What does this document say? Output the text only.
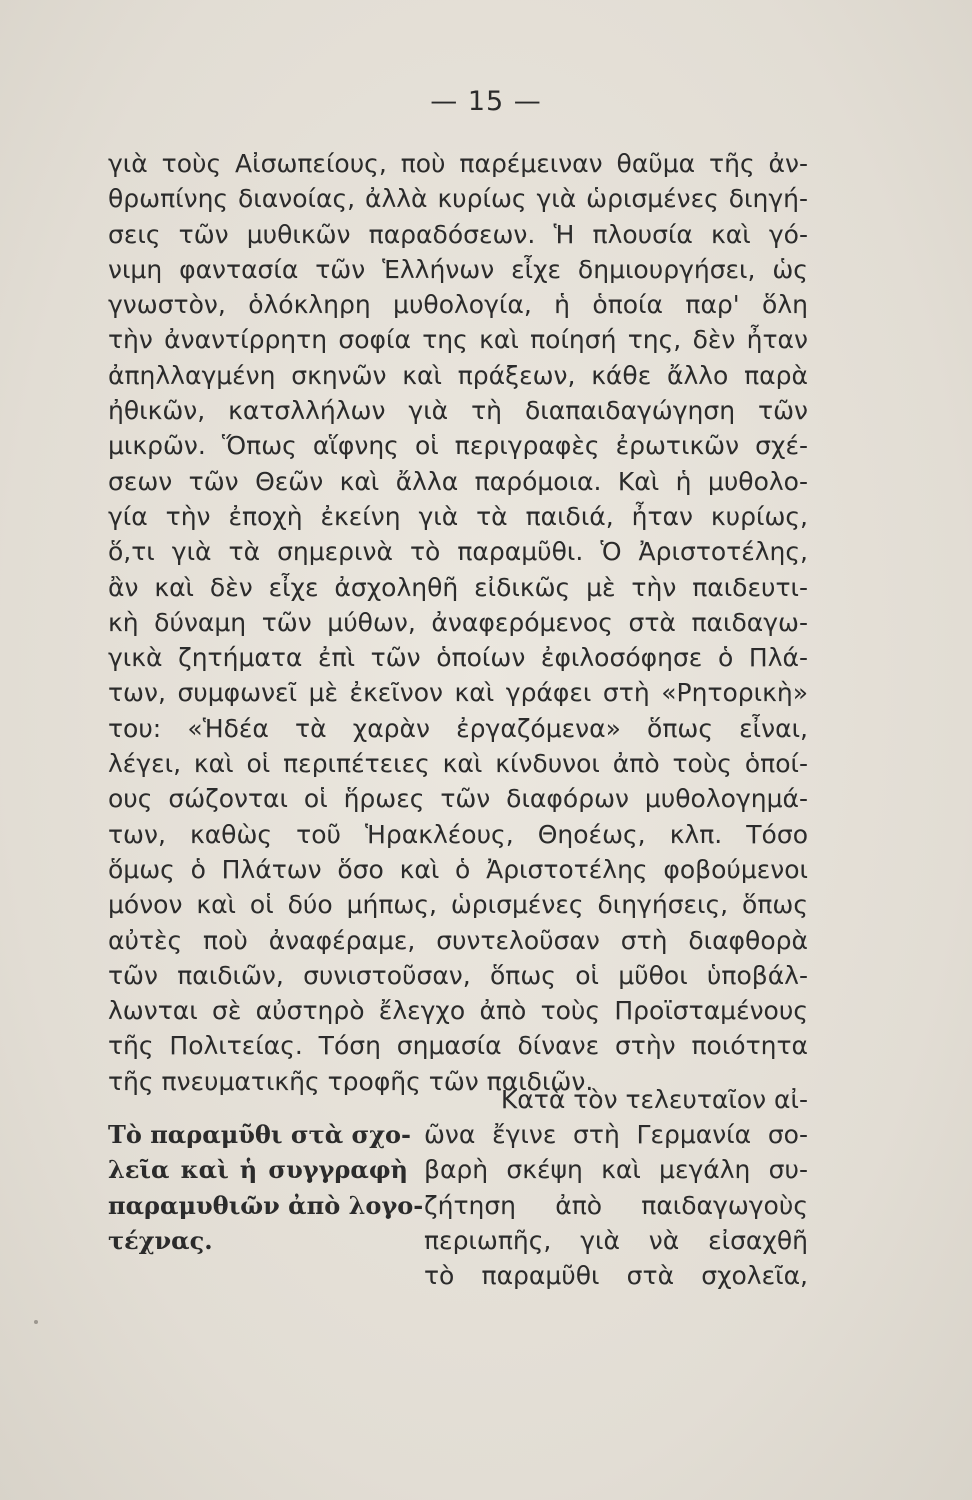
— 15 —
γιὰ τοὺς Αἰσωπείους, ποὺ παρέμειναν θαῦμα τῆς ἀν-
θρωπίνης διανοίας, ἀλλὰ κυρίως γιὰ ὡρισμένες διηγή-
σεις τῶν μυθικῶν παραδόσεων. Ἡ πλουσία καὶ γό-
νιμη φαντασία τῶν Ἑλλήνων εἶχε δημιουργήσει, ὡς
γνωστὸν, ὁλόκληρη μυθολογία, ἡ ὁποία παρ' ὅλη
τὴν ἀναντίρρητη σοφία της καὶ ποίησή της, δὲν ἦταν
ἀπηλλαγμένη σκηνῶν καὶ πράξεων, κάθε ἄλλο παρὰ
ἠθικῶν, κατσλλήλων γιὰ τὴ διαπαιδαγώγηση τῶν
μικρῶν. Ὅπως αἵφνης οἱ περιγραφὲς ἐρωτικῶν σχέ-
σεων τῶν Θεῶν καὶ ἄλλα παρόμοια. Καὶ ἡ μυθολο-
γία τὴν ἐποχὴ ἐκείνη γιὰ τὰ παιδιά, ἦταν κυρίως,
ὅ,τι γιὰ τὰ σημερινὰ τὸ παραμῦθι. Ὁ Ἀριστοτέλης,
ἂν καὶ δὲν εἶχε ἀσχοληθῆ εἰδικῶς μὲ τὴν παιδευτι-
κὴ δύναμη τῶν μύθων, ἀναφερόμενος στὰ παιδαγω-
γικὰ ζητήματα ἐπὶ τῶν ὁποίων ἐφιλοσόφησε ὁ Πλά-
των, συμφωνεῖ μὲ ἐκεῖνον καὶ γράφει στὴ «Ρητορικὴ»
του: «Ἡδέα τὰ χαρὰν ἐργαζόμενα» ὅπως εἶναι,
λέγει, καὶ οἱ περιπέτειες καὶ κίνδυνοι ἀπὸ τοὺς ὁποί-
ους σώζονται οἱ ἥρωες τῶν διαφόρων μυθολογημά-
των, καθὼς τοῦ Ἡρακλέους, Θηοέως, κλπ. Τόσο
ὅμως ὁ Πλάτων ὅσο καὶ ὁ Ἀριστοτέλης φοβούμενοι
μόνον καὶ οἱ δύο μήπως, ὡρισμένες διηγήσεις, ὅπως
αὐτὲς ποὺ ἀναφέραμε, συντελοῦσαν στὴ διαφθορὰ
τῶν παιδιῶν, συνιστοῦσαν, ὅπως οἱ μῦθοι ὑποβάλ-
λωνται σὲ αὐστηρὸ ἔλεγχο ἀπὸ τοὺς Προϊσταμένους
τῆς Πολιτείας. Τόση σημασία δίνανε στὴν ποιότητα
τῆς πνευματικῆς τροφῆς τῶν παιδιῶν.
Κατὰ τὸν τελευταῖον αἰ-
Τὸ παραμῦθι στὰ σχο-
λεῖα καὶ ἡ συγγραφὴ
παραμυθιῶν ἀπὸ λογο-
τέχνας.
ῶνα ἔγινε στὴ Γερμανία σο-
βαρὴ σκέψη καὶ μεγάλη συ-
ζήτηση ἀπὸ παιδαγωγοὺς
περιωπῆς, γιὰ νὰ εἰσαχθῆ
τὸ παραμῦθι στὰ σχολεῖα,
